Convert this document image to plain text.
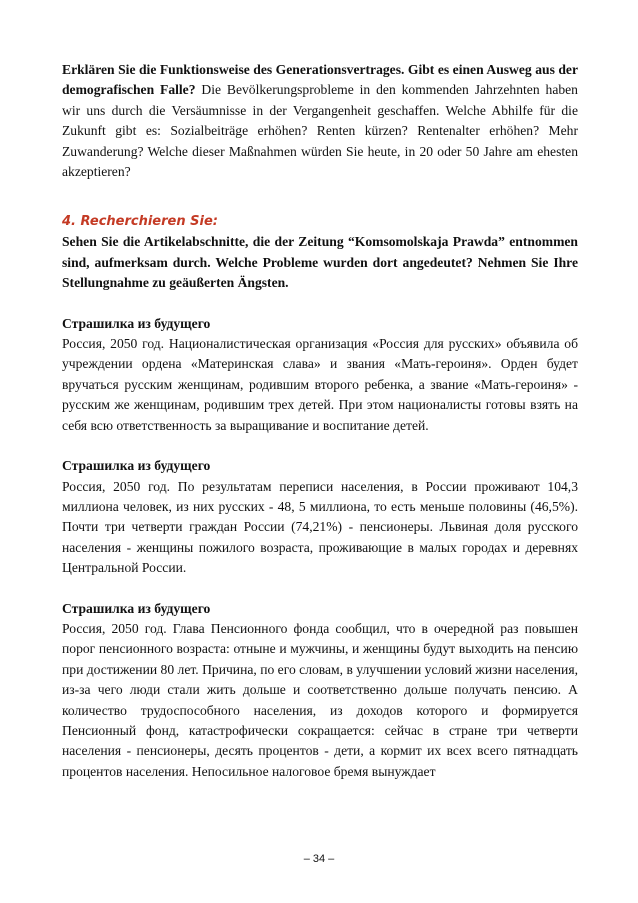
Erklären Sie die Funktionsweise des Generationsvertrages. Gibt es einen Ausweg aus der demografischen Falle? Die Bevölkerungsprobleme in den kommenden Jahrzehnten haben wir uns durch die Versäumnisse in der Vergangenheit geschaffen. Welche Abhilfe für die Zukunft gibt es: Sozialbeiträge erhöhen? Renten kürzen? Rentenalter erhöhen? Mehr Zuwanderung? Welche dieser Maßnahmen würden Sie heute, in 20 oder 50 Jahre am ehesten akzeptieren?

4. Recherchieren Sie:

Sehen Sie die Artikelabschnitte, die der Zeitung “Komsomolskaja Prawda” entnommen sind, aufmerksam durch. Welche Probleme wurden dort angedeutet? Nehmen Sie Ihre Stellungnahme zu geäußerten Ängsten.

Страшилка из будущего

Россия, 2050 год. Националистическая организация «Россия для русских» объявила об учреждении ордена «Материнская слава» и звания «Мать-героиня». Орден будет вручаться русским женщинам, родившим второго ребенка, а звание «Мать-героиня» - русским же женщинам, родившим трех детей. При этом националисты готовы взять на себя всю ответственность за выращивание и воспитание детей.

Страшилка из будущего

Россия, 2050 год. По результатам переписи населения, в России проживают 104,3 миллиона человек, из них русских - 48, 5 миллиона, то есть меньше половины (46,5%). Почти три четверти граждан России (74,21%) - пенсионеры. Львиная доля русского населения - женщины пожилого возраста, проживающие в малых городах и деревнях Центральной России.

Страшилка из будущего

Россия, 2050 год. Глава Пенсионного фонда сообщил, что в очередной раз повышен порог пенсионного возраста: отныне и мужчины, и женщины будут выходить на пенсию при достижении 80 лет. Причина, по его словам, в улучшении условий жизни населения, из-за чего люди стали жить дольше и соответственно дольше получать пенсию. А количество трудоспособного населения, из доходов которого и формируется Пенсионный фонд, катастрофически сокращается: сейчас в стране три четверти населения - пенсионеры, десять процентов - дети, а кормит их всех всего пятнадцать процентов населения. Непосильное налоговое бремя вынуждает

– 34 –
